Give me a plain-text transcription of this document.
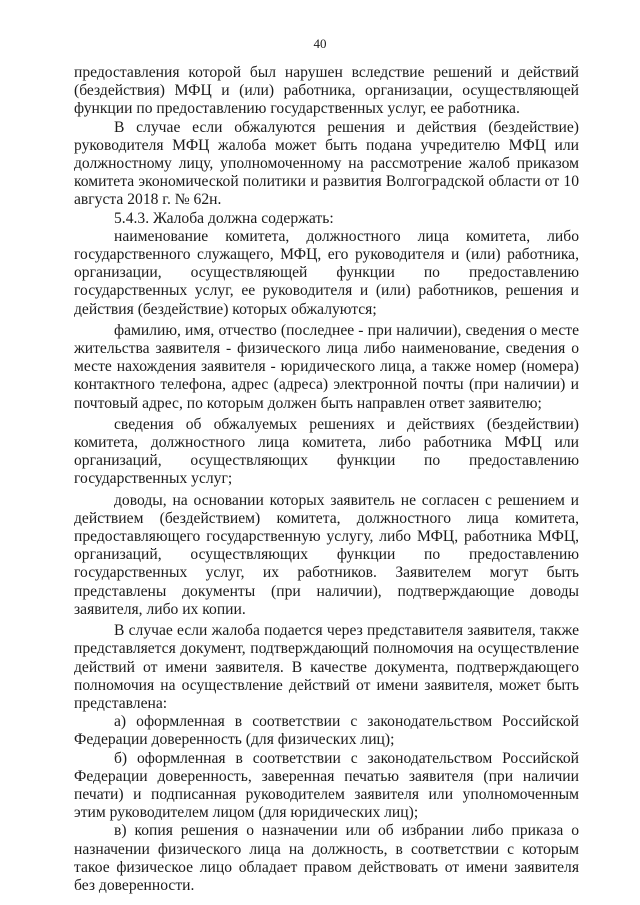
40

предоставления которой был нарушен вследствие решений и действий (бездействия) МФЦ и (или) работника, организации, осуществляющей функции по предоставлению государственных услуг, ее работника.

В случае если обжалуются решения и действия (бездействие) руководителя МФЦ жалоба может быть подана учредителю МФЦ или должностному лицу, уполномоченному на рассмотрение жалоб приказом комитета экономической политики и развития Волгоградской области от 10 августа 2018 г. № 62н.

5.4.3. Жалоба должна содержать:

наименование комитета, должностного лица комитета, либо государственного служащего, МФЦ, его руководителя и (или) работника, организации, осуществляющей функции по предоставлению государственных услуг, ее руководителя и (или) работников, решения и действия (бездействие) которых обжалуются;

фамилию, имя, отчество (последнее - при наличии), сведения о месте жительства заявителя - физического лица либо наименование, сведения о месте нахождения заявителя - юридического лица, а также номер (номера) контактного телефона, адрес (адреса) электронной почты (при наличии) и почтовый адрес, по которым должен быть направлен ответ заявителю;

сведения об обжалуемых решениях и действиях (бездействии) комитета, должностного лица комитета, либо работника МФЦ или организаций, осуществляющих функции по предоставлению государственных услуг;

доводы, на основании которых заявитель не согласен с решением и действием (бездействием) комитета, должностного лица комитета, предоставляющего государственную услугу, либо МФЦ, работника МФЦ, организаций, осуществляющих функции по предоставлению государственных услуг, их работников. Заявителем могут быть представлены документы (при наличии), подтверждающие доводы заявителя, либо их копии.

В случае если жалоба подается через представителя заявителя, также представляется документ, подтверждающий полномочия на осуществление действий от имени заявителя. В качестве документа, подтверждающего полномочия на осуществление действий от имени заявителя, может быть представлена:

а) оформленная в соответствии с законодательством Российской Федерации доверенность (для физических лиц);

б) оформленная в соответствии с законодательством Российской Федерации доверенность, заверенная печатью заявителя (при наличии печати) и подписанная руководителем заявителя или уполномоченным этим руководителем лицом (для юридических лиц);

в) копия решения о назначении или об избрании либо приказа о назначении физического лица на должность, в соответствии с которым такое физическое лицо обладает правом действовать от имени заявителя без доверенности.
